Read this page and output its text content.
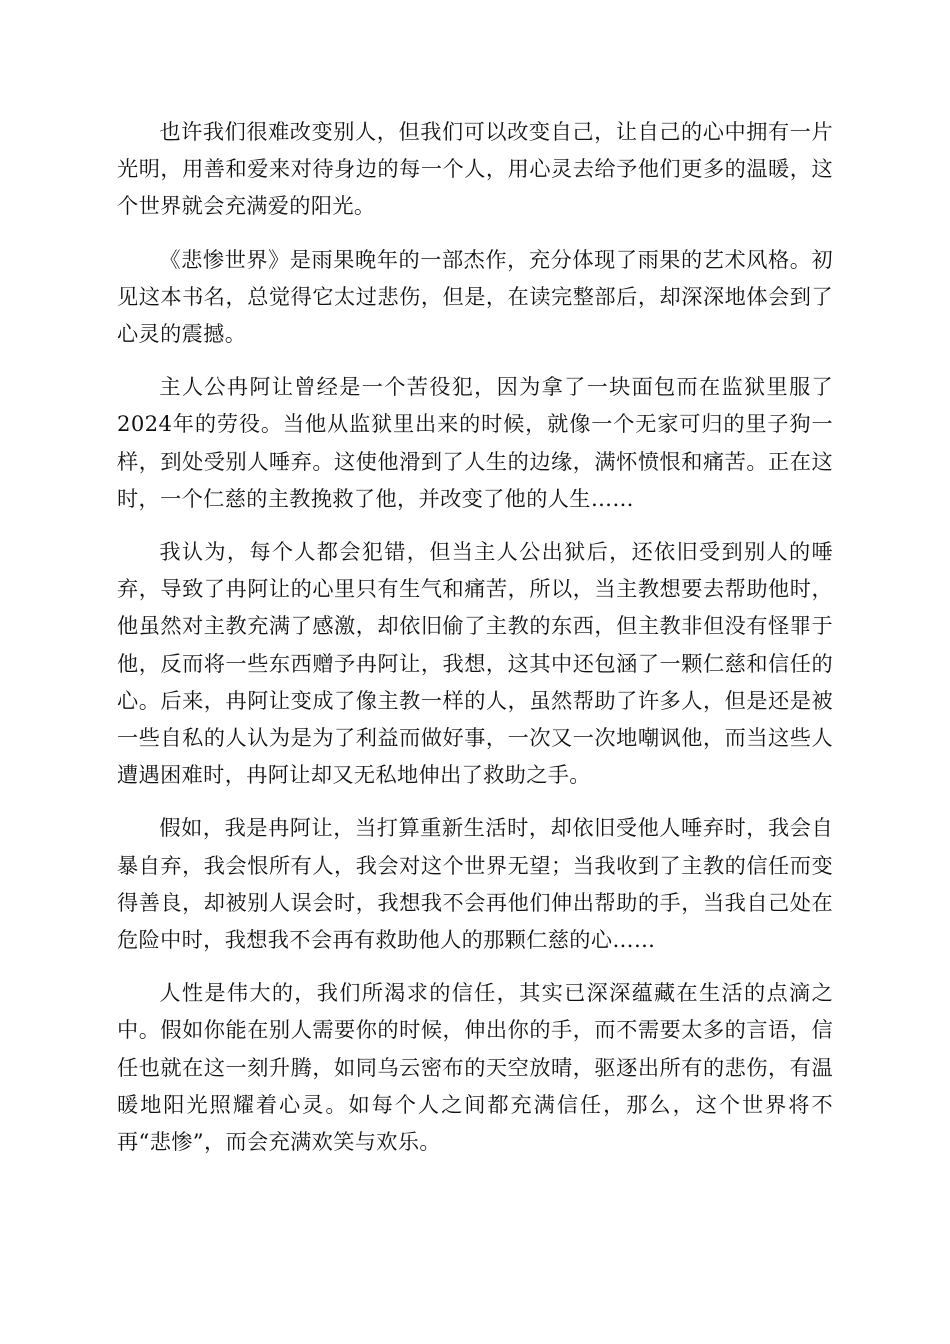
也许我们很难改变别人，但我们可以改变自己，让自己的心中拥有一片光明，用善和爱来对待身边的每一个人，用心灵去给予他们更多的温暖，这个世界就会充满爱的阳光。

《悲惨世界》是雨果晚年的一部杰作，充分体现了雨果的艺术风格。初见这本书名，总觉得它太过悲伤，但是，在读完整部后，却深深地体会到了心灵的震撼。

主人公冉阿让曾经是一个苦役犯，因为拿了一块面包而在监狱里服了2024年的劳役。当他从监狱里出来的时候，就像一个无家可归的里子狗一样，到处受别人唾弃。这使他滑到了人生的边缘，满怀愤恨和痛苦。正在这时，一个仁慈的主教挽救了他，并改变了他的人生……

我认为，每个人都会犯错，但当主人公出狱后，还依旧受到别人的唾弃，导致了冉阿让的心里只有生气和痛苦，所以，当主教想要去帮助他时，他虽然对主教充满了感激，却依旧偷了主教的东西，但主教非但没有怪罪于他，反而将一些东西赠予冉阿让，我想，这其中还包涵了一颗仁慈和信任的心。后来，冉阿让变成了像主教一样的人，虽然帮助了许多人，但是还是被一些自私的人认为是为了利益而做好事，一次又一次地嘲讽他，而当这些人遭遇困难时，冉阿让却又无私地伸出了救助之手。

假如，我是冉阿让，当打算重新生活时，却依旧受他人唾弃时，我会自暴自弃，我会恨所有人，我会对这个世界无望；当我收到了主教的信任而变得善良，却被别人误会时，我想我不会再他们伸出帮助的手，当我自己处在危险中时，我想我不会再有救助他人的那颗仁慈的心……

人性是伟大的，我们所渴求的信任，其实已深深蕴藏在生活的点滴之中。假如你能在别人需要你的时候，伸出你的手，而不需要太多的言语，信任也就在这一刻升腾，如同乌云密布的天空放晴，驱逐出所有的悲伤，有温暖地阳光照耀着心灵。如每个人之间都充满信任，那么，这个世界将不再“悲惨”，而会充满欢笑与欢乐。
